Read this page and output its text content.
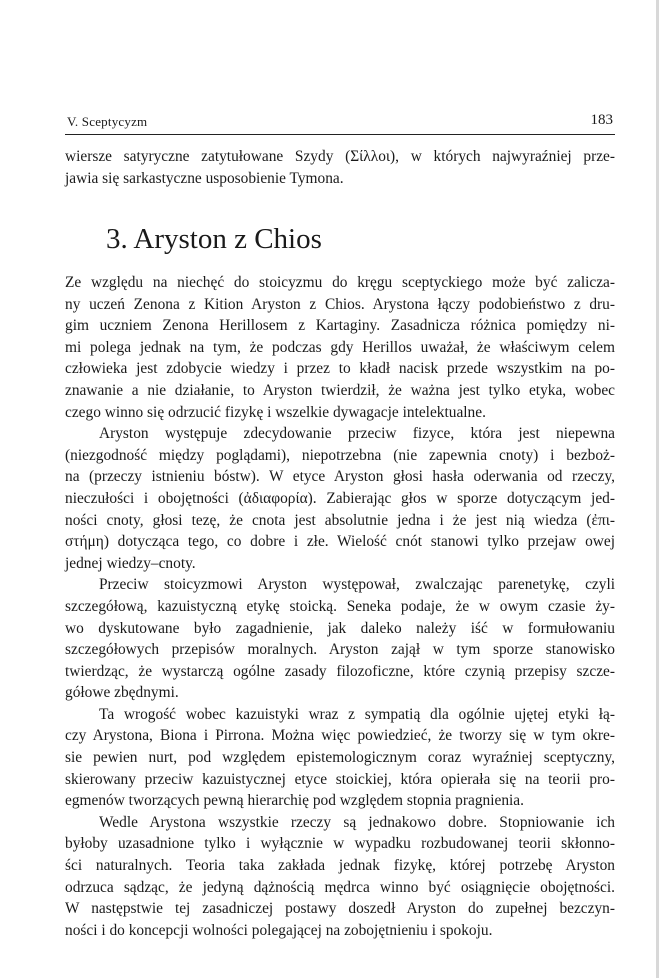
V. Sceptycyzm	183
wiersze satyryczne zatytułowane Szydy (Σίλλοι), w których najwyraźniej prze-
jawia się sarkastyczne usposobienie Tymona.
3. Aryston z Chios
Ze względu na niechęć do stoicyzmu do kręgu sceptyckiego może być zalicza-
ny uczeń Zenona z Kition Aryston z Chios. Arystona łączy podobieństwo z dru-
gim uczniem Zenona Herillosem z Kartaginy. Zasadnicza różnica pomiędzy ni-
mi polega jednak na tym, że podczas gdy Herillos uważał, że właściwym celem
człowieka jest zdobycie wiedzy i przez to kładł nacisk przede wszystkim na po-
znawanie a nie działanie, to Aryston twierdził, że ważna jest tylko etyka, wobec
czego winno się odrzucić fizykę i wszelkie dywagacje intelektualne.
Aryston występuje zdecydowanie przeciw fizyce, która jest niepewna
(niezgodność między poglądami), niepotrzebna (nie zapewnia cnoty) i bezboż-
na (przeczy istnieniu bóstw). W etyce Aryston głosi hasła oderwania od rzeczy,
nieczułości i obojętności (ἀδιαφορία). Zabierając głos w sporze dotyczącym jed-
ności cnoty, głosi tezę, że cnota jest absolutnie jedna i że jest nią wiedza (ἐπι-
στήμη) dotycząca tego, co dobre i złe. Wielość cnót stanowi tylko przejaw owej
jednej wiedzy–cnoty.
Przeciw stoicyzmowi Aryston występował, zwalczając parenetykę, czyli
szczegółową, kazuistyczną etykę stoicką. Seneka podaje, że w owym czasie ży-
wo dyskutowane było zagadnienie, jak daleko należy iść w formułowaniu
szczegółowych przepisów moralnych. Aryston zajął w tym sporze stanowisko
twierdząc, że wystarczą ogólne zasady filozoficzne, które czynią przepisy szcze-
gółowe zbędnymi.
Ta wrogość wobec kazuistyki wraz z sympatią dla ogólnie ujętej etyki łą-
czy Arystona, Biona i Pirrona. Można więc powiedzieć, że tworzy się w tym okre-
sie pewien nurt, pod względem epistemologicznym coraz wyraźniej sceptyczny,
skierowany przeciw kazuistycznej etyce stoickiej, która opierała się na teorii pro-
egmenów tworzących pewną hierarchię pod względem stopnia pragnienia.
Wedle Arystona wszystkie rzeczy są jednakowo dobre. Stopniowanie ich
byłoby uzasadnione tylko i wyłącznie w wypadku rozbudowanej teorii skłonno-
ści naturalnych. Teoria taka zakłada jednak fizykę, której potrzebę Aryston
odrzuca sądząc, że jedyną dążnością mędrca winno być osiągnięcie obojętności.
W następstwie tej zasadniczej postawy doszedł Aryston do zupełnej bezczyn-
ności i do koncepcji wolności polegającej na zobojętnieniu i spokoju.
